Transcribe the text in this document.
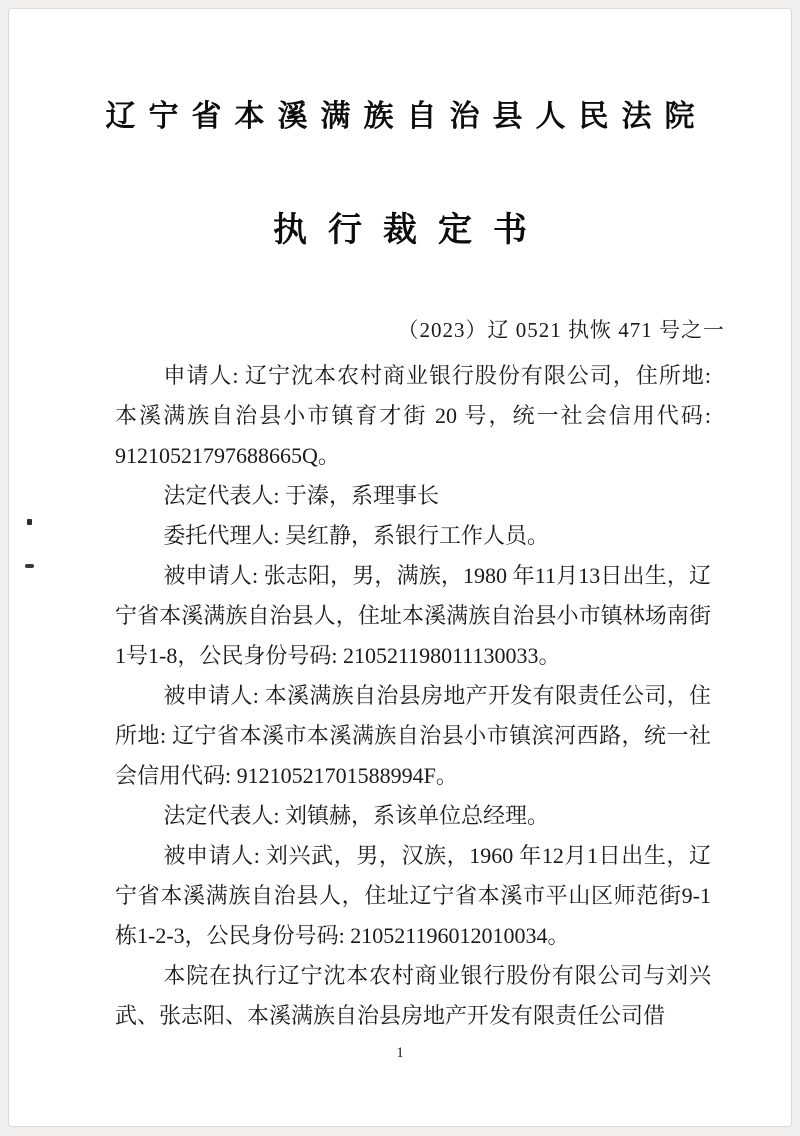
辽宁省本溪满族自治县人民法院
执行裁定书
（2023）辽 0521 执恢 471 号之一

申请人: 辽宁沈本农村商业银行股份有限公司，住所地: 本溪满族自治县小市镇育才街 20 号，统一社会信用代码: 91210521797688665Q。

法定代表人: 于溱，系理事长

委托代理人: 吴红静，系银行工作人员。

被申请人: 张志阳，男，满族，1980 年11月13日出生，辽宁省本溪满族自治县人，住址本溪满族自治县小市镇林场南街1号1-8，公民身份号码: 210521198011130033。

被申请人: 本溪满族自治县房地产开发有限责任公司，住所地: 辽宁省本溪市本溪满族自治县小市镇滨河西路，统一社会信用代码: 91210521701588994F。

法定代表人: 刘镇赫，系该单位总经理。

被申请人: 刘兴武，男，汉族，1960 年12月1日出生，辽宁省本溪满族自治县人，住址辽宁省本溪市平山区师范街9-1栋1-2-3，公民身份号码: 210521196012010034。

本院在执行辽宁沈本农村商业银行股份有限公司与刘兴武、张志阳、本溪满族自治县房地产开发有限责任公司借

1
